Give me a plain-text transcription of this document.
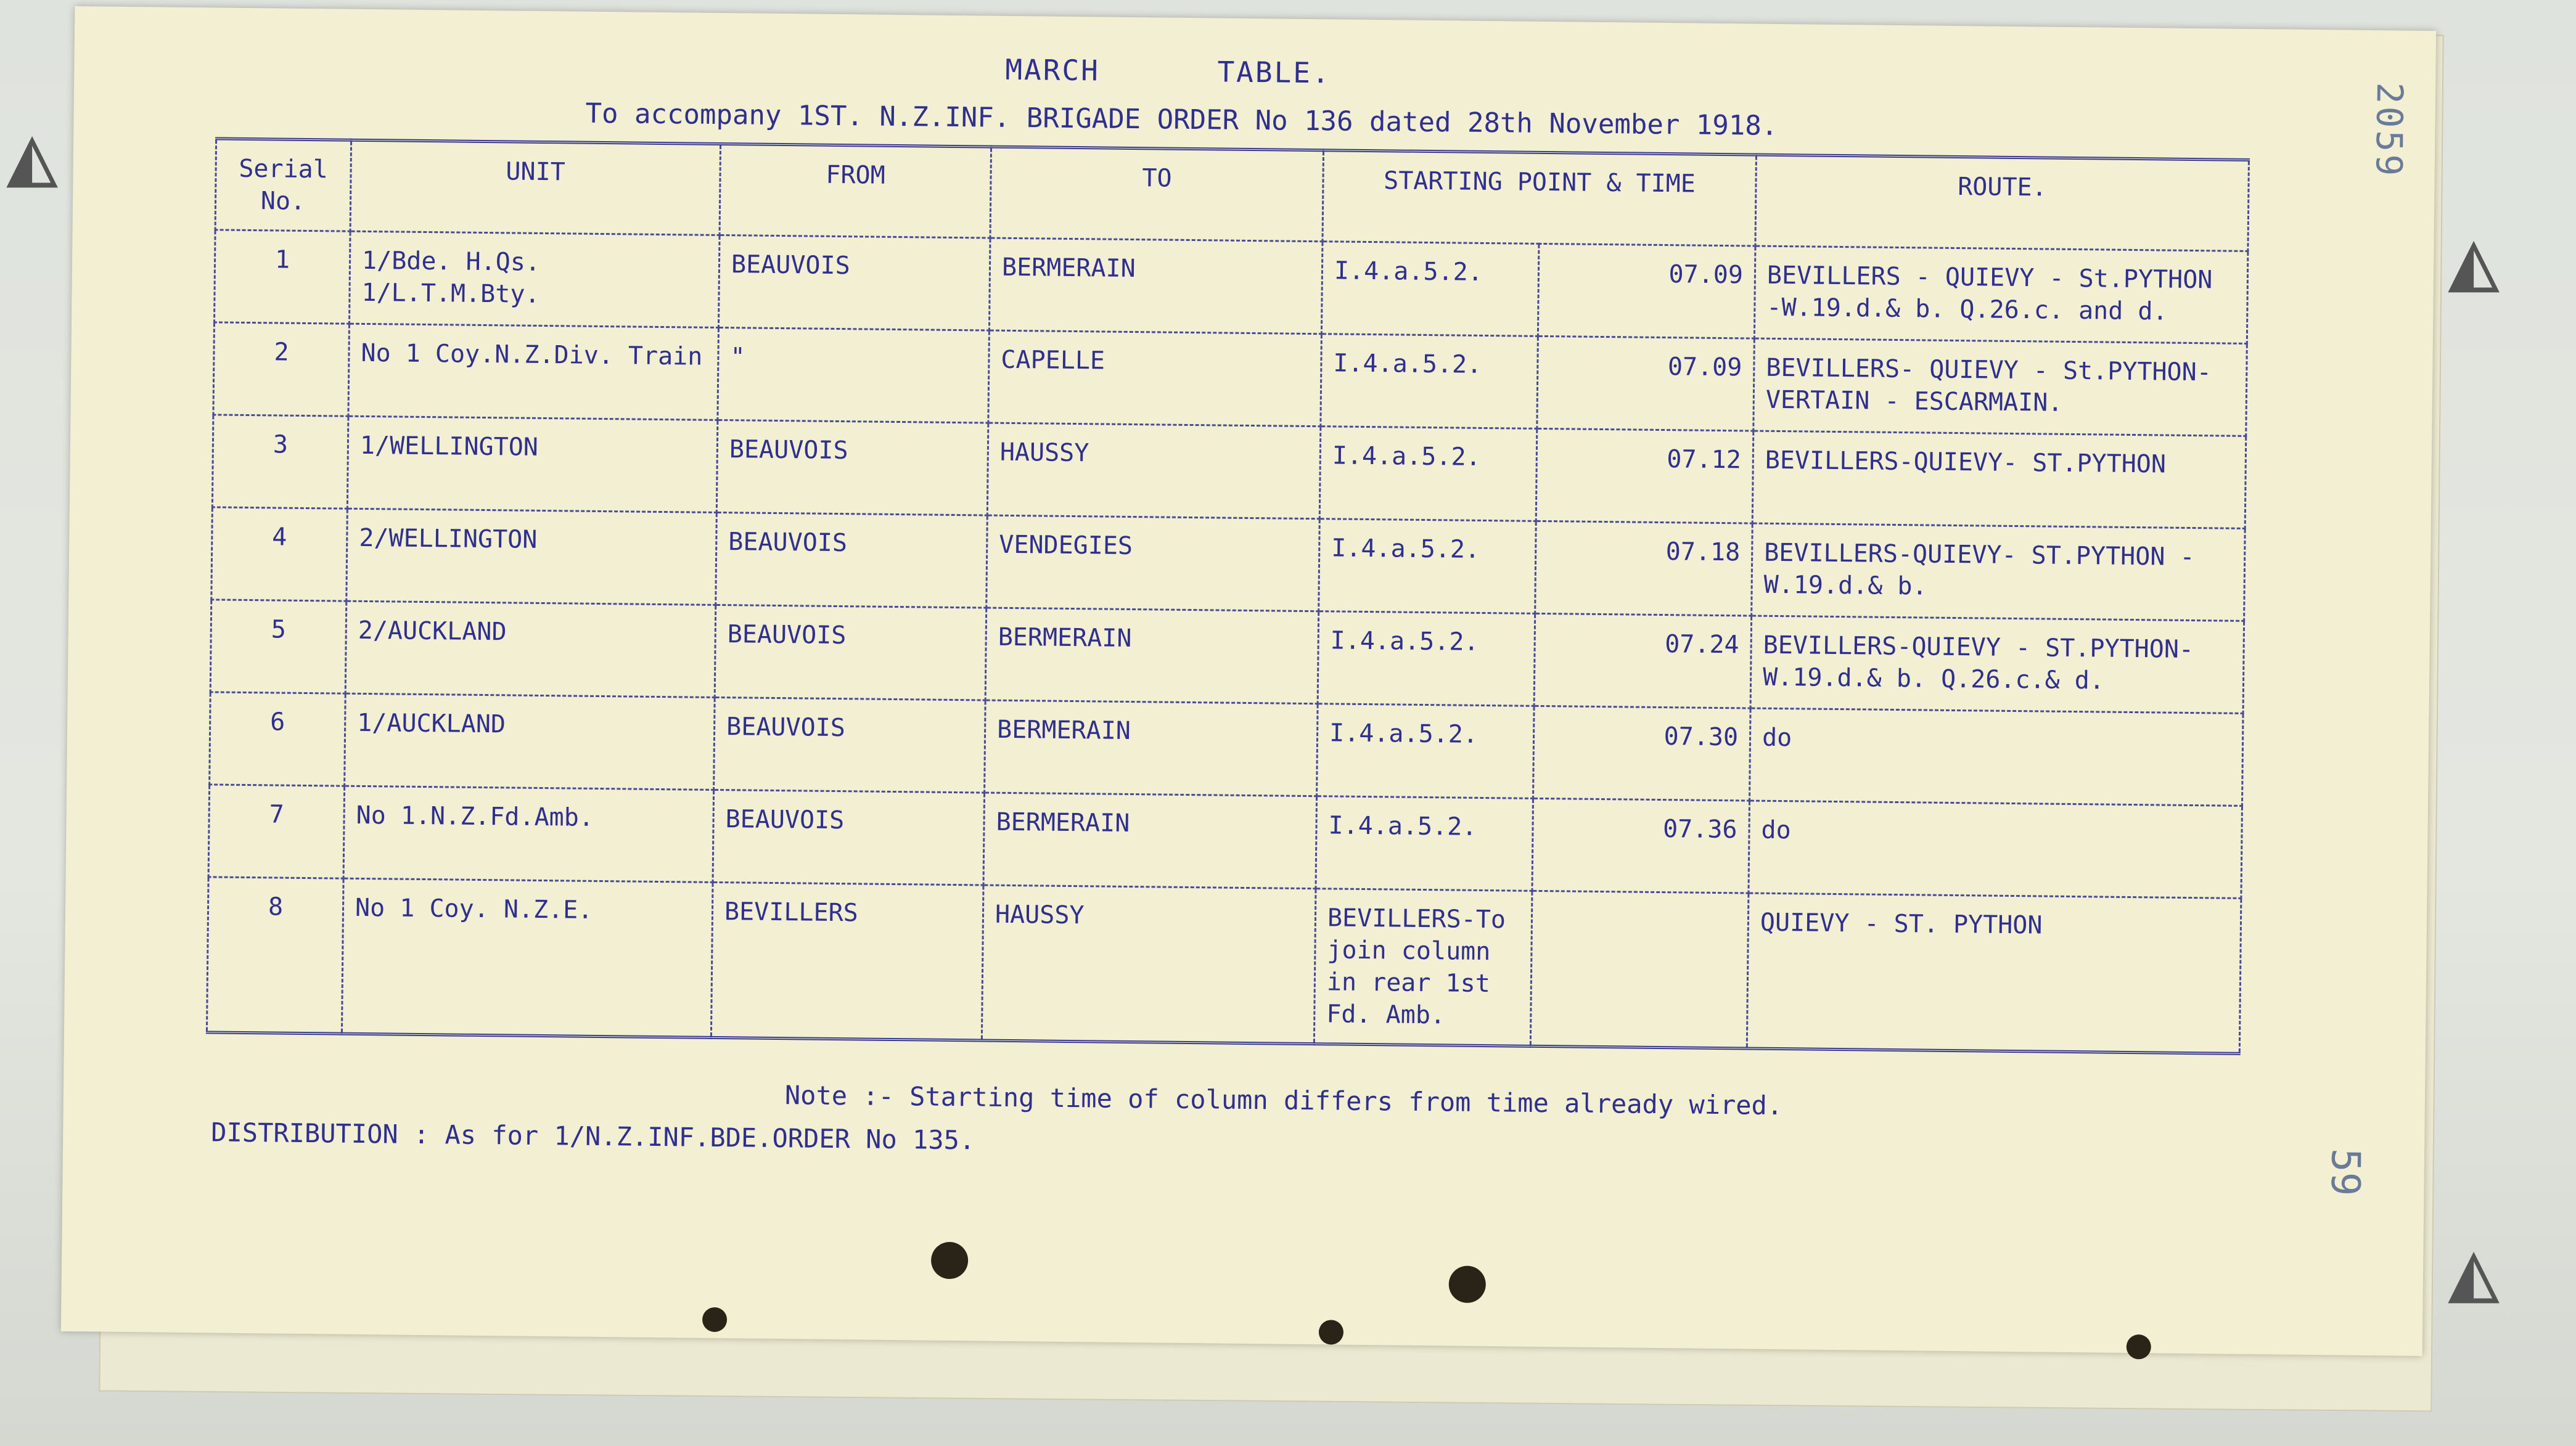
MARCH	TABLE.
To accompany 1ST. N.Z.INF. BRIGADE ORDER No 136 dated 28th November 1918.	2059
Serial No.	UNIT	FROM	TO	STARTING POINT & TIME		ROUTE.
1	1/Bde. H.Qs. 1/L.T.M.Bty.	BEAUVOIS	BERMERAIN	I.4.a.5.2.	07.09	BEVILLERS - QUIEVY - St.PYTHON -W.19.d.& b. Q.26.c. and d.
2	No 1 Coy.N.Z.Div. Train	"	CAPELLE	I.4.a.5.2.	07.09	BEVILLERS- QUIEVY - St.PYTHON-VERTAIN - ESCARMAIN.
3	1/WELLINGTON	BEAUVOIS	HAUSSY	I.4.a.5.2.	07.12	BEVILLERS-QUIEVY- ST.PYTHON
4	2/WELLINGTON	BEAUVOIS	VENDEGIES	I.4.a.5.2.	07.18	BEVILLERS-QUIEVY- ST.PYTHON -W.19.d.& b.
5	2/AUCKLAND	BEAUVOIS	BERMERAIN	I.4.a.5.2.	07.24	BEVILLERS-QUIEVY - ST.PYTHON- W.19.d.& b. Q.26.c.& d.
6	1/AUCKLAND	BEAUVOIS	BERMERAIN	I.4.a.5.2.	07.30	do
7	No 1.N.Z.Fd.Amb.	BEAUVOIS	BERMERAIN	I.4.a.5.2.	07.36	do
8	No 1 Coy. N.Z.E.	BEVILLERS	HAUSSY	BEVILLERS-To join column in rear 1st Fd. Amb.		QUIEVY - ST. PYTHON
Note :- Starting time of column differs from time already wired.
DISTRIBUTION : As for 1/N.Z.INF.BDE.ORDER No 135.
59
◭
◭
◭
